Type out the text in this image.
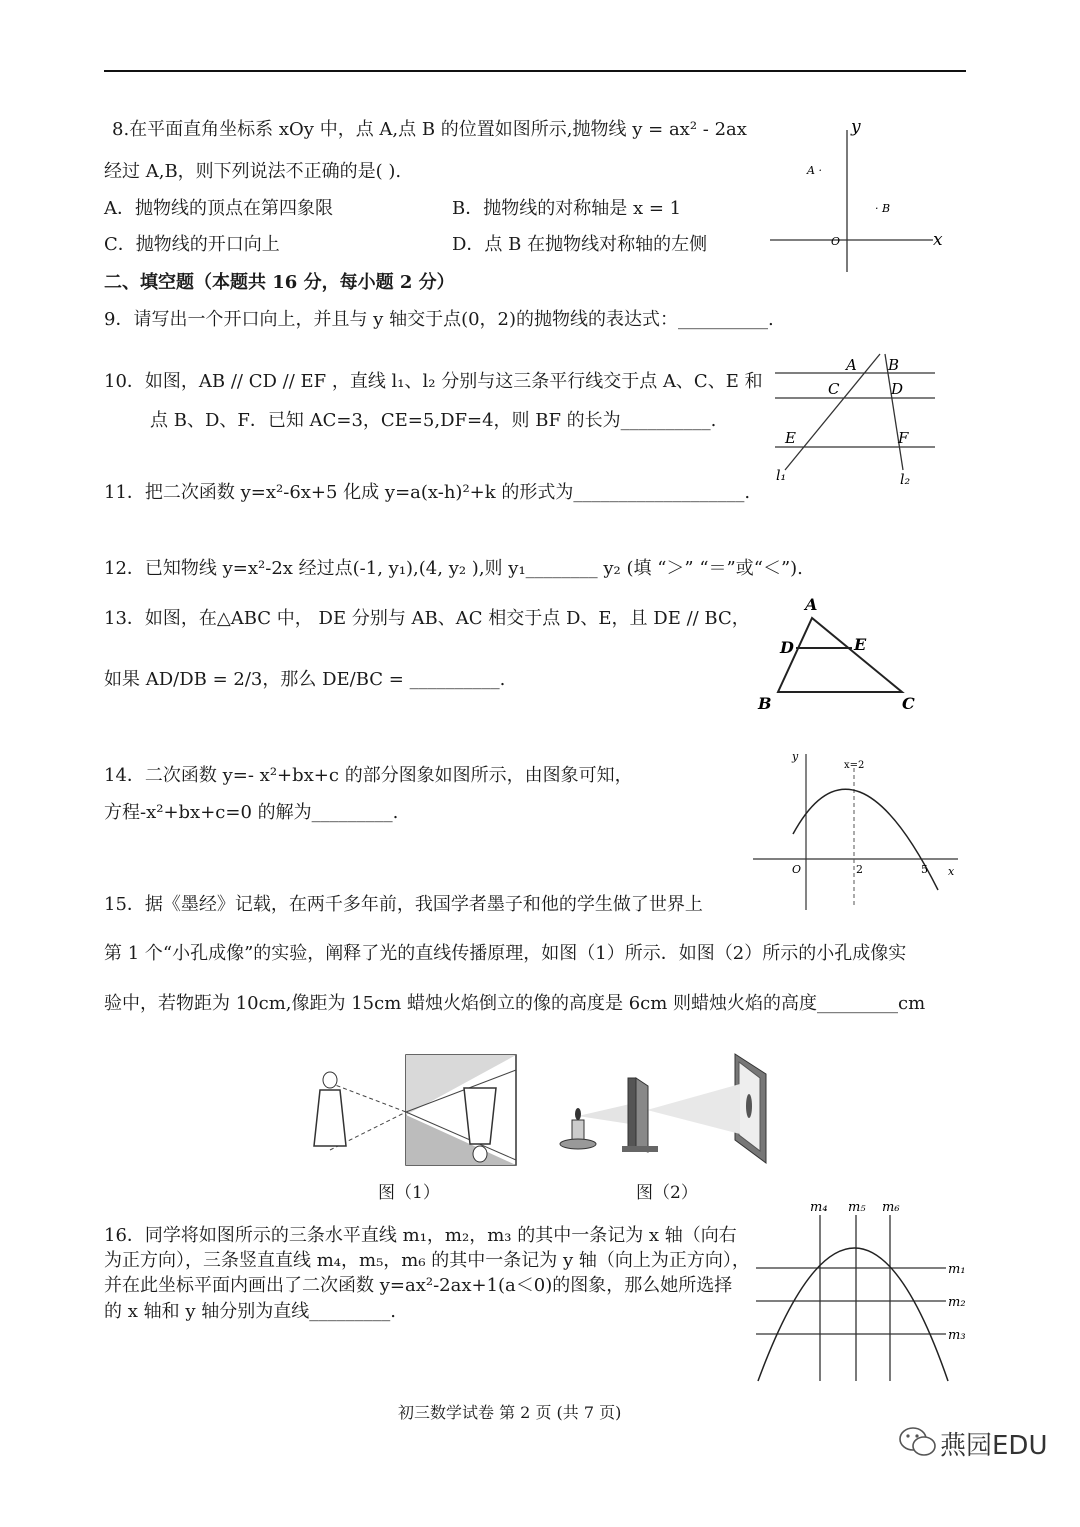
8.在平面直角坐标系 xOy 中，点 A,点 B 的位置如图所示,抛物线 y = ax² - 2ax
经过 A,B，则下列说法不正确的是( ).
A．抛物线的顶点在第四象限	B．抛物线的对称轴是 x = 1
C．抛物线的开口向上	D．点 B 在抛物线对称轴的左侧
y
x
O
A ·
· B
二、填空题（本题共 16 分，每小题 2 分）
9．请写出一个开口向上，并且与 y 轴交于点(0，2)的抛物线的表达式：__________.
10．如图，AB // CD // EF ，直线 l₁、l₂ 分别与这三条平行线交于点 A、C、E 和
点 B、D、F．已知 AC=3，CE=5,DF=4，则 BF 的长为__________.
A B
C	D
E	F
l₁	l₂
11．把二次函数 y=x²-6x+5 化成 y=a(x-h)²+k 的形式为___________________.
12．已知物线 y=x²-2x 经过点(-1, y₁),(4, y₂ ),则 y₁________ y₂ (填 “＞” “＝”或“＜”).
13．如图，在△ABC 中， DE 分别与 AB、AC 相交于点 D、E，且 DE // BC，
如果 AD/DB = 2/3，那么 DE/BC = __________.
A
D	E
B	C
14．二次函数 y=- x²+bx+c 的部分图象如图所示，由图象可知，
方程-x²+bx+c=0 的解为_________.
y
x
O
x=2
2	5
15．据《墨经》记载，在两千多年前，我国学者墨子和他的学生做了世界上
第 1 个“小孔成像”的实验，阐释了光的直线传播原理，如图（1）所示．如图（2）所示的小孔成像实
验中，若物距为 10cm,像距为 15cm 蜡烛火焰倒立的像的高度是 6cm 则蜡烛火焰的高度_________cm
图（1）	图（2）
16．同学将如图所示的三条水平直线 m₁，m₂，m₃ 的其中一条记为 x 轴（向右
为正方向），三条竖直直线 m₄，m₅，m₆ 的其中一条记为 y 轴（向上为正方向），
并在此坐标平面内画出了二次函数 y=ax²-2ax+1(a＜0)的图象，那么她所选择
的 x 轴和 y 轴分别为直线_________.
m₄ m₅ m₆
m₁
m₂
m₃
初三数学试卷 第 2 页 (共 7 页)
燕园EDU
